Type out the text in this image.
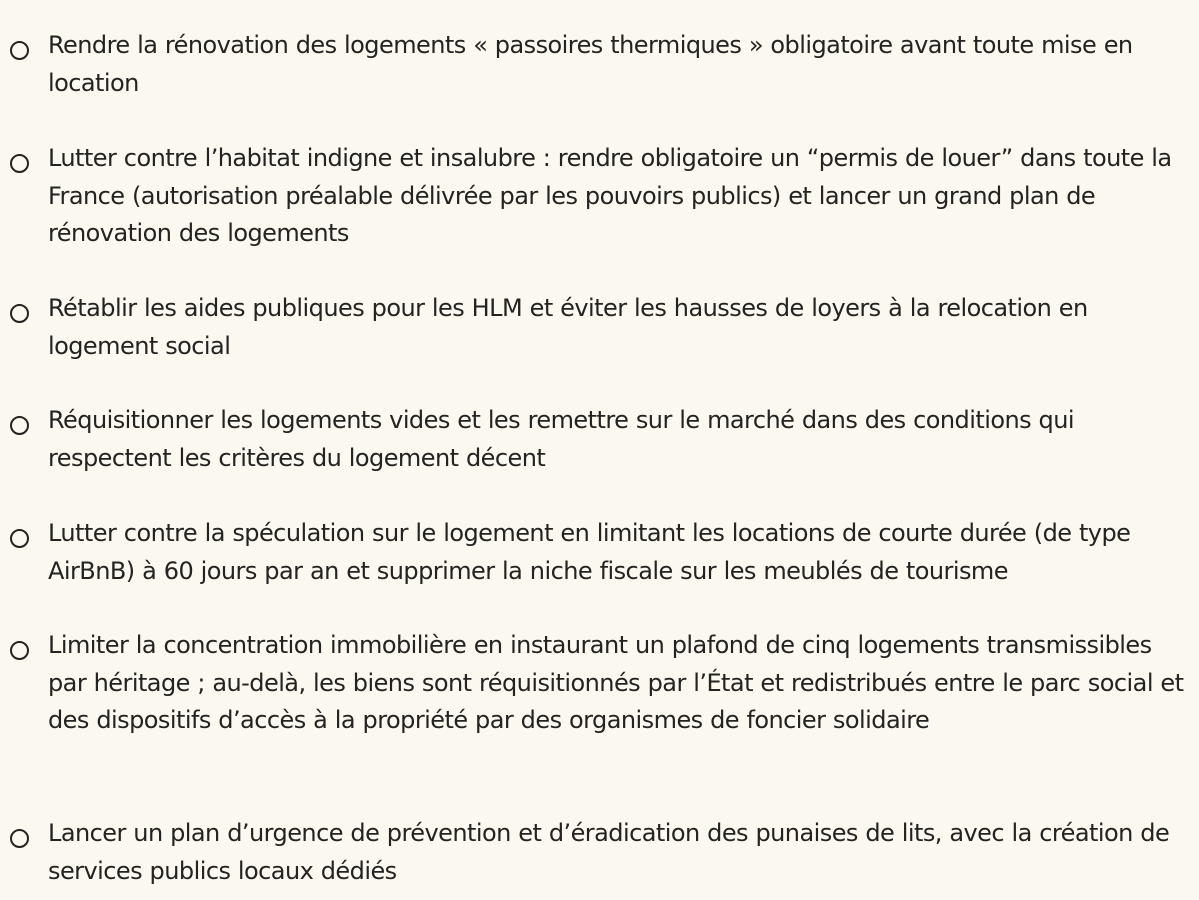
Rendre la rénovation des logements « passoires thermiques » obligatoire avant toute mise en location
Lutter contre l’habitat indigne et insalubre : rendre obligatoire un “permis de louer” dans toute la France (autorisation préalable délivrée par les pouvoirs publics) et lancer un grand plan de rénovation des logements
Rétablir les aides publiques pour les HLM et éviter les hausses de loyers à la relocation en logement social
Réquisitionner les logements vides et les remettre sur le marché dans des conditions qui respectent les critères du logement décent
Lutter contre la spéculation sur le logement en limitant les locations de courte durée (de type AirBnB) à 60 jours par an et supprimer la niche fiscale sur les meublés de tourisme
Limiter la concentration immobilière en instaurant un plafond de cinq logements transmissibles par héritage ; au-delà, les biens sont réquisitionnés par l’État et redistribués entre le parc social et des dispositifs d’accès à la propriété par des organismes de foncier solidaire
Lancer un plan d’urgence de prévention et d’éradication des punaises de lits, avec la création de services publics locaux dédiés
